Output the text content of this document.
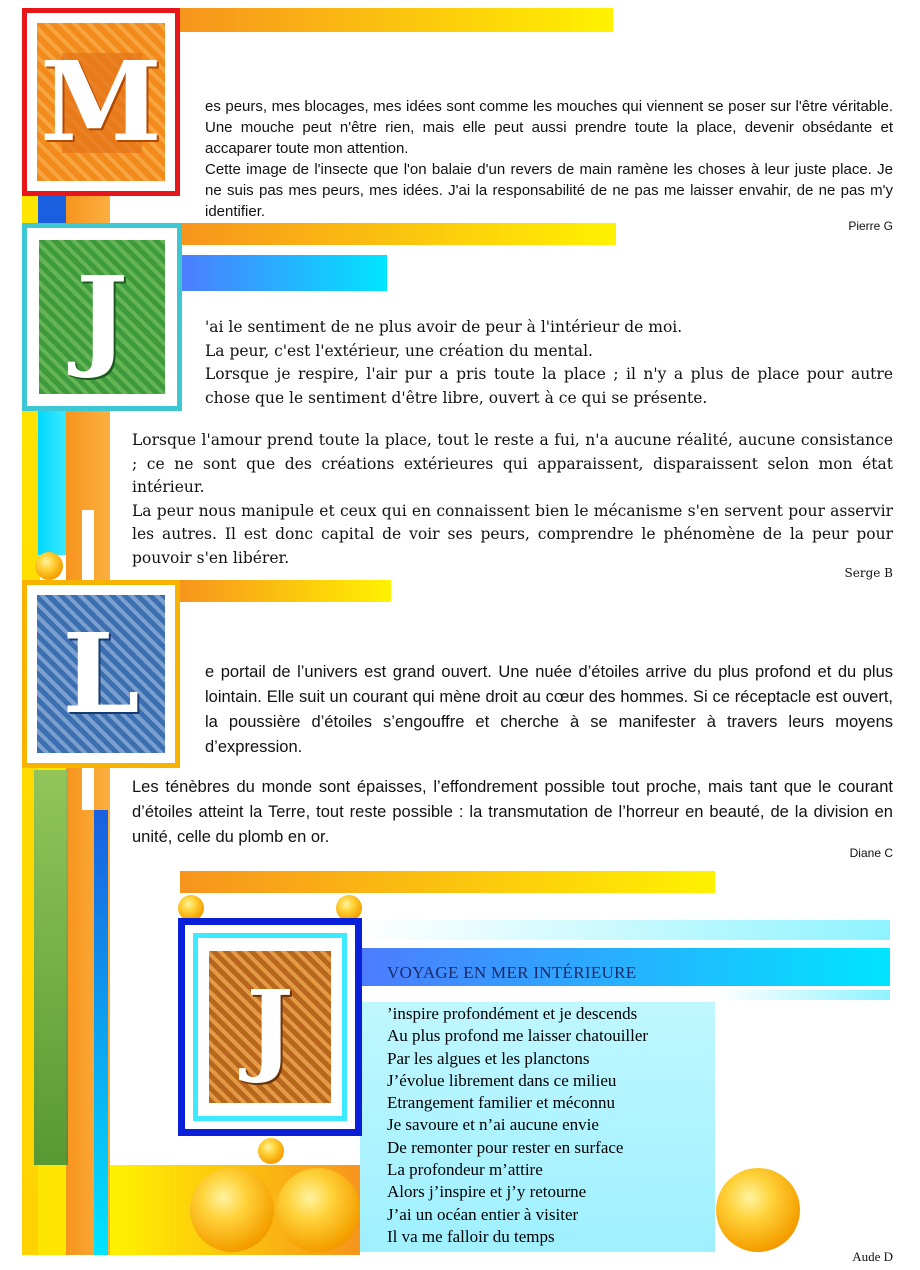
M	es peurs, mes blocages, mes idées sont comme les mouches qui viennent se poser sur l'être véritable. Une mouche peut n'être rien, mais elle peut aussi prendre toute la place, devenir obsédante et accaparer toute mon attention.
Cette image de l'insecte que l'on balaie d'un revers de main ramène les choses à leur juste place. Je ne suis pas mes peurs, mes idées. J'ai la responsabilité de ne pas me laisser envahir, de ne pas m'y identifier.
Pierre G
J	'ai le sentiment de ne plus avoir de peur à l'intérieur de moi.
La peur, c'est l'extérieur, une création du mental.
Lorsque je respire, l'air pur a pris toute la place ; il n'y a plus de place pour autre chose que le sentiment d'être libre, ouvert à ce qui se présente.
Lorsque l'amour prend toute la place, tout le reste a fui, n'a aucune réalité, aucune consistance ; ce ne sont que des créations extérieures qui apparaissent, disparaissent selon mon état intérieur.
La peur nous manipule et ceux qui en connaissent bien le mécanisme s'en servent pour asservir les autres. Il est donc capital de voir ses peurs, comprendre le phénomène de la peur pour pouvoir s'en libérer.
Serge B
L	e portail de l’univers est grand ouvert. Une nuée d’étoiles arrive du plus profond et du plus lointain. Elle suit un courant qui mène droit au cœur des hommes. Si ce réceptacle est ouvert, la poussière d’étoiles s’engouffre et cherche à se manifester à travers leurs moyens d’expression.
Les ténèbres du monde sont épaisses, l’effondrement possible tout proche, mais tant que le courant d’étoiles atteint la Terre, tout reste possible : la transmutation de l’horreur en beauté, de la division en unité, celle du plomb en or.
Diane C
J	VOYAGE EN MER INTÉRIEURE
’inspire profondément et je descends
Au plus profond me laisser chatouiller
Par les algues et les planctons
J’évolue librement dans ce milieu
Etrangement familier et méconnu
Je savoure et n’ai aucune envie
De remonter pour rester en surface
La profondeur m’attire
Alors j’inspire et j’y retourne
J’ai un océan entier à visiter
Il va me falloir du temps
Aude D
